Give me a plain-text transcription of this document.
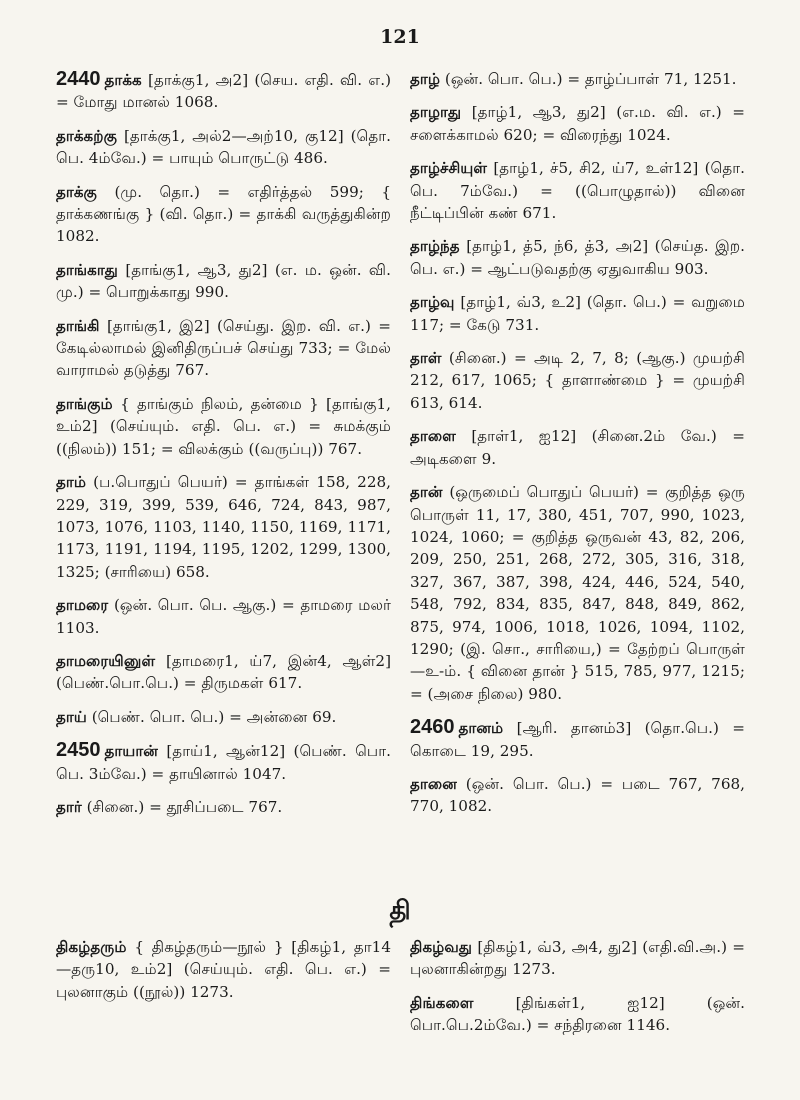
121
2440 தாக்க [தாக்கு1, அ2] (செய. எதி. வி. எ.) = மோது மானல் 1068.
தாக்கற்கு [தாக்கு1, அல்2—அற்10, கு12] (தொ. பெ. 4ம்வே.) = பாயும் பொருட்டு 486.
தாக்கு (மு. தொ.) = எதிர்த்தல் 599; { தாக்கணங்கு } (வி. தொ.) = தாக்கி வருத்துகின்ற 1082.
தாங்காது [தாங்கு1, ஆ3, து2] (எ. ம. ஒன். வி. மு.) = பொறுக்காது 990.
தாங்கி [தாங்கு1, இ2] (செய்து. இற. வி. எ.) = கேடில்லாமல் இனிதிருப்பச் செய்து 733; = மேல் வாராமல் தடுத்து 767.
தாங்கும் { தாங்கும் நிலம், தன்மை } [தாங்கு1, உம்2] (செய்யும். எதி. பெ. எ.) = சுமக்கும் ((நிலம்)) 151; = விலக்கும் ((வருப்பு)) 767.
தாம் (ப.பொதுப் பெயர்) = தாங்கள் 158, 228, 229, 319, 399, 539, 646, 724, 843, 987, 1073, 1076, 1103, 1140, 1150, 1169, 1171, 1173, 1191, 1194, 1195, 1202, 1299, 1300, 1325; (சாரியை) 658.
தாமரை (ஒன். பொ. பெ. ஆகு.) = தாமரை மலர் 1103.
தாமரையினுள் [தாமரை1, ய்7, இன்4, ஆள்2] (பெண்.பொ.பெ.) = திருமகள் 617.
தாய் (பெண். பொ. பெ.) = அன்னை 69.
2450 தாயான் [தாய்1, ஆன்12] (பெண். பொ. பெ. 3ம்வே.) = தாயினால் 1047.
தார் (சினை.) = தூசிப்படை 767.
தாழ் (ஒன். பொ. பெ.) = தாழ்ப்பாள் 71, 1251.
தாழாது [தாழ்1, ஆ3, து2] (எ.ம. வி. எ.) = சளைக்காமல் 620; = விரைந்து 1024.
தாழ்ச்சியுள் [தாழ்1, ச்5, சி2, ய்7, உள்12] (தொ. பெ. 7ம்வே.) = ((பொழுதால்)) வினை நீட்டிப்பின் கண் 671.
தாழ்ந்த [தாழ்1, த்5, ந்6, த்3, அ2] (செய்த. இற. பெ. எ.) = ஆட்படுவதற்கு ஏதுவாகிய 903.
தாழ்வு [தாழ்1, வ்3, உ2] (தொ. பெ.) = வறுமை 117; = கேடு 731.
தாள் (சினை.) = அடி 2, 7, 8; (ஆகு.) முயற்சி 212, 617, 1065; { தாளாண்மை } = முயற்சி 613, 614.
தாளை [தாள்1, ஐ12] (சினை.2ம் வே.) = அடிகளை 9.
தான் (ஒருமைப் பொதுப் பெயர்) = குறித்த ஒரு பொருள் 11, 17, 380, 451, 707, 990, 1023, 1024, 1060; = குறித்த ஒருவன் 43, 82, 206, 209, 250, 251, 268, 272, 305, 316, 318, 327, 367, 387, 398, 424, 446, 524, 540, 548, 792, 834, 835, 847, 848, 849, 862, 875, 974, 1006, 1018, 1026, 1094, 1102, 1290; (இ. சொ., சாரியை,) = தேற்றப் பொருள்—உ-ம். { வினை தான் } 515, 785, 977, 1215; = (அசை நிலை) 980.
2460 தானம் [ஆரி. தானம்3] (தொ.பெ.) = கொடை 19, 295.
தானை (ஒன். பொ. பெ.) = படை 767, 768, 770, 1082.
தி
திகழ்தரும் { திகழ்தரும்—நூல் } [திகழ்1, தா14—தரு10, உம்2] (செய்யும். எதி. பெ. எ.) = புலனாகும் ((நூல்)) 1273.
திகழ்வது [திகழ்1, வ்3, அ4, து2] (எதி.வி.அ.) = புலனாகின்றது 1273.
திங்களை	[திங்கள்1, ஐ12] (ஒன். பொ.பெ.2ம்வே.) = சந்திரனை 1146.
